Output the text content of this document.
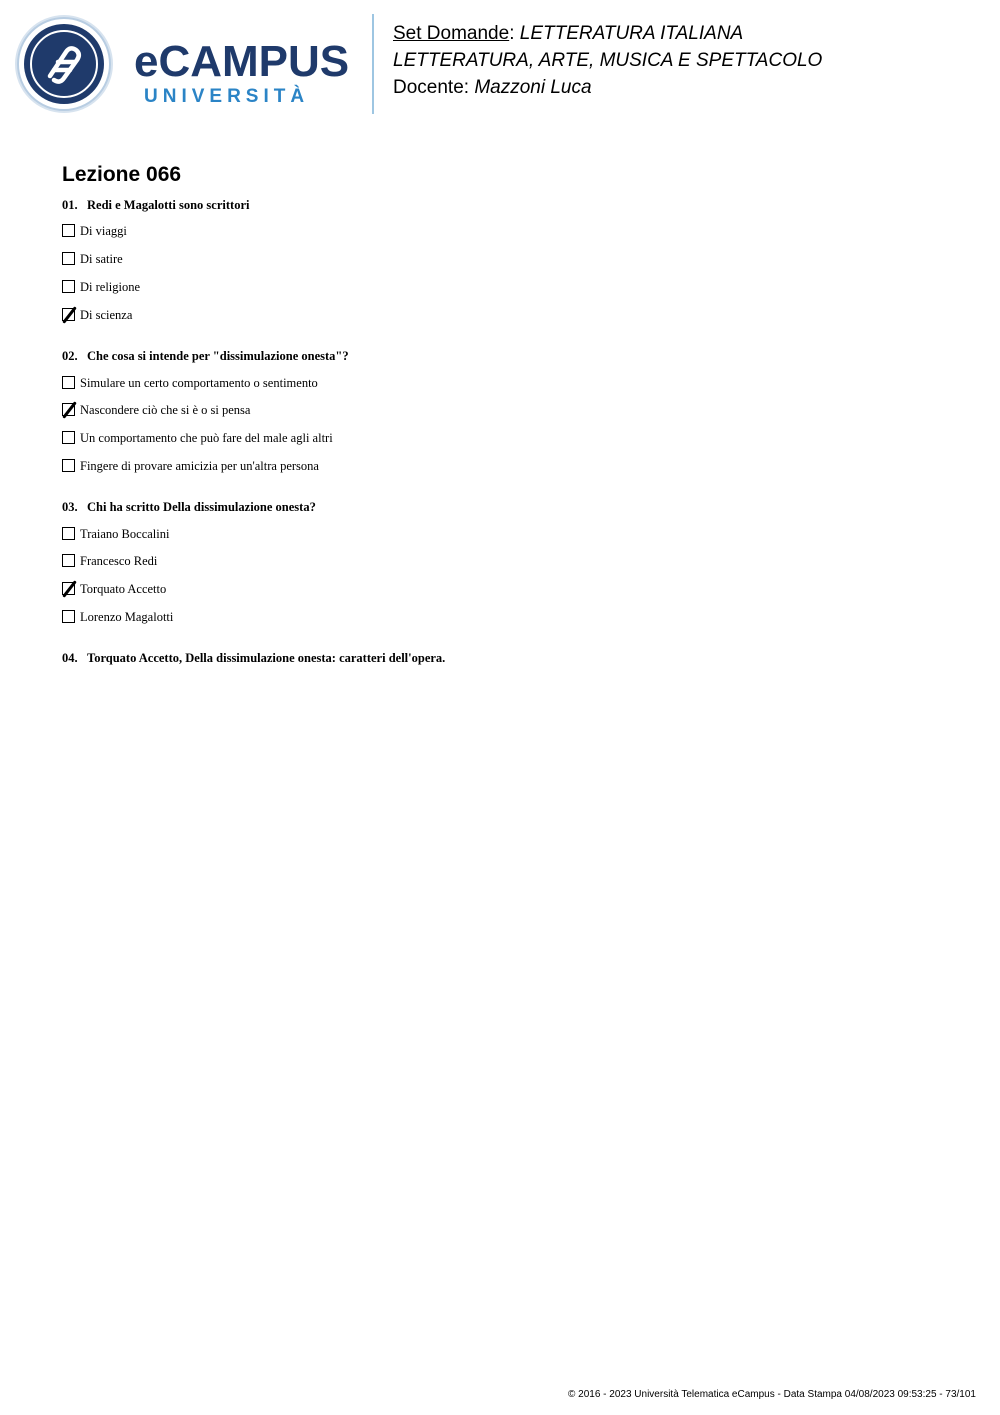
eCAMPUS
UNIVERSITÀ
Set Domande: LETTERATURA ITALIANA
LETTERATURA, ARTE, MUSICA E SPETTACOLO
Docente: Mazzoni Luca
Lezione 066
01. Redi e Magalotti sono scrittori
Di viaggi
Di satire
Di religione
Di scienza
02. Che cosa si intende per "dissimulazione onesta"?
Simulare un certo comportamento o sentimento
Nascondere ciò che si è o si pensa
Un comportamento che può fare del male agli altri
Fingere di provare amicizia per un'altra persona
03. Chi ha scritto Della dissimulazione onesta?
Traiano Boccalini
Francesco Redi
Torquato Accetto
Lorenzo Magalotti
04. Torquato Accetto, Della dissimulazione onesta: caratteri dell'opera.
© 2016 - 2023 Università Telematica eCampus - Data Stampa 04/08/2023 09:53:25 - 73/101
